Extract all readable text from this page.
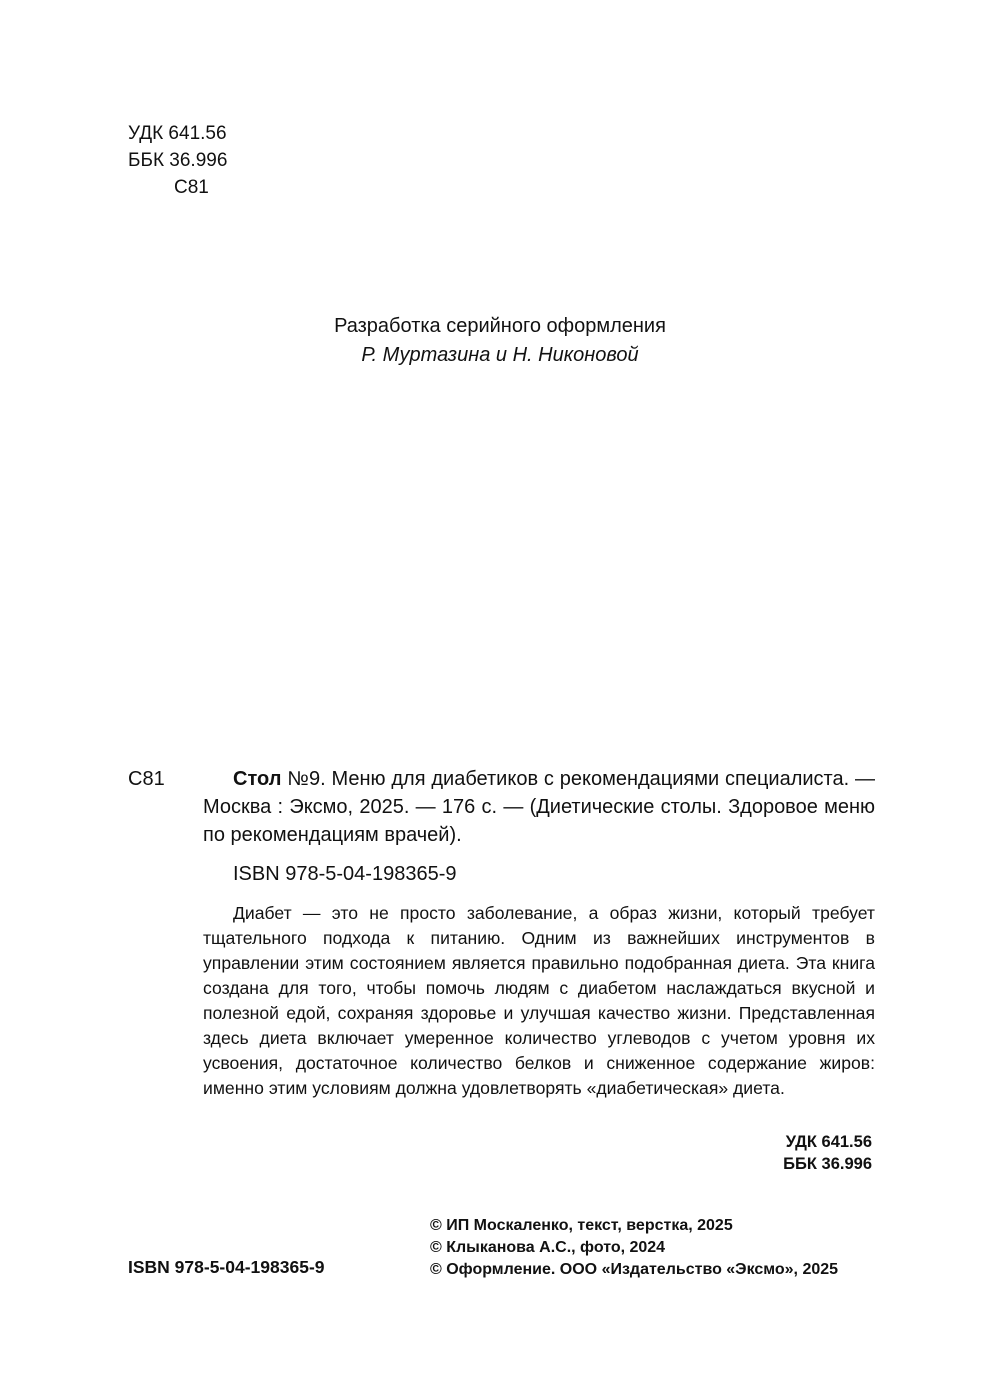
УДК 641.56
ББК 36.996
С81
Разработка серийного оформления
Р. Муртазина и Н. Никоновой
С81	Стол №9. Меню для диабетиков с рекомендациями специалиста. — Москва : Эксмо, 2025. — 176 с. — (Диетические столы. Здоровое меню по рекомендациям врачей).
ISBN 978-5-04-198365-9
Диабет — это не просто заболевание, а образ жизни, который требует тщательного подхода к питанию. Одним из важнейших инструментов в управлении этим состоянием является правильно подобранная диета. Эта книга создана для того, чтобы помочь людям с диабетом наслаждаться вкусной и полезной едой, сохраняя здоровье и улучшая качество жизни. Представленная здесь диета включает умеренное количество углеводов с учетом уровня их усвоения, достаточное количество белков и сниженное содержание жиров: именно этим условиям должна удовлетворять «диабетическая» диета.
УДК 641.56
ББК 36.996
ISBN 978-5-04-198365-9
© ИП Москаленко, текст, верстка, 2025
© Клыканова А.С., фото, 2024
© Оформление. ООО «Издательство «Эксмо», 2025
